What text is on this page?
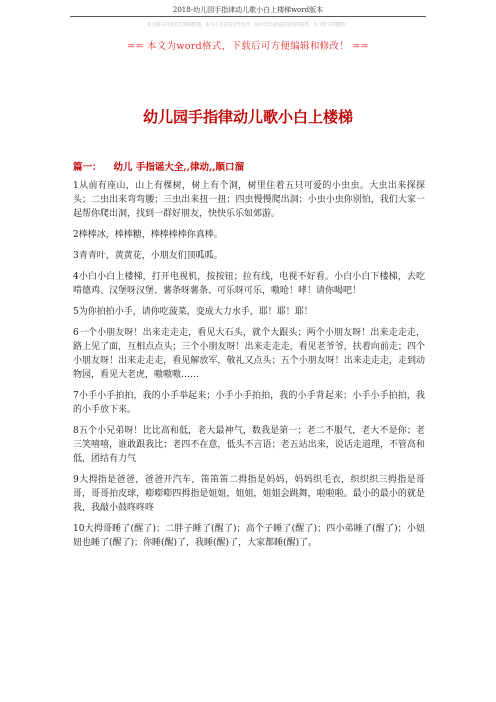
2018-幼儿园手指律动儿歌小白上楼梯word版本
本文部分内容来自网络整理，本司不为其真实性负责，如有异议或侵权请及时联系，本司将立即删除！
== 本文为word格式，下载后可方便编辑和修改！ ==
幼儿园手指律动儿歌小白上楼梯
篇一： 幼儿 手指谣大全,,律动,,顺口溜

1从前有座山，山上有棵树，树上有个洞，树里住着五只可爱的小虫虫。大虫出来探探头；二虫出来弯弯腰；三虫出来扭一扭；四虫慢慢爬出洞；小虫小虫你别怕，我们大家一起帮你爬出洞，找到一群好朋友，快快乐乐如郊游。

2棒棒冰，棒棒糖，棒棒棒棒你真棒。

3青青叶，黄黄花，小朋友们顶呱呱。

4小白小白上楼梯，打开电视机，按按钮；拉有线，电视不好看。小白小白下楼梯，去吃啃德鸡、汉堡呀汉堡、薯条呀薯条、可乐呀可乐，嗷呛！哮！请你喝吧！

5为你拍拍小手，请你吃菠菜，变成大力水手，耶！耶！耶！

6一个小朋友呀！出来走走走，看见大石头，就个大跟头；两个小朋友呀！出来走走走，路上见了面，互相点点头；三个小朋友呀！出来走走走，看见老爷爷，扶着向前走；四个小朋友呀！出来走走走，看见解放军，敬礼又点头；五个小朋友呀！出来走走走，走到动物园，看见大老虎，嗷嗷嗷……

7小手小手拍拍，我的小手举起来；小手小手拍拍，我的小手背起来；小手小手拍拍，我的小手放下来。

8五个小兄弟呀！比比高和低，老大最神气，数我是第一；老二不服气，老大不是你；老三笑嘻嘻，谁敢跟我比；老四不在意，低头不言语；老五站出来，说话走道理，不管高和低，团结有力气

9大拇指是爸爸，爸爸开汽车，笛笛笛二拇指是妈妈，妈妈织毛衣，织织织三拇指是哥哥，哥哥拍皮球，嘭嘭嘭四拇指是姐姐，姐姐，姐姐会跳舞，啦啦啦。最小的最小的就是我，我敲小鼓咚咚咚

10大拇哥睡了(醒了)；二胖子睡了(醒了)；高个子睡了(醒了)；四小弟睡了(醒了)；小妞妞也睡了(醒了)；你睡(醒)了，我睡(醒)了，大家都睡(醒)了。
